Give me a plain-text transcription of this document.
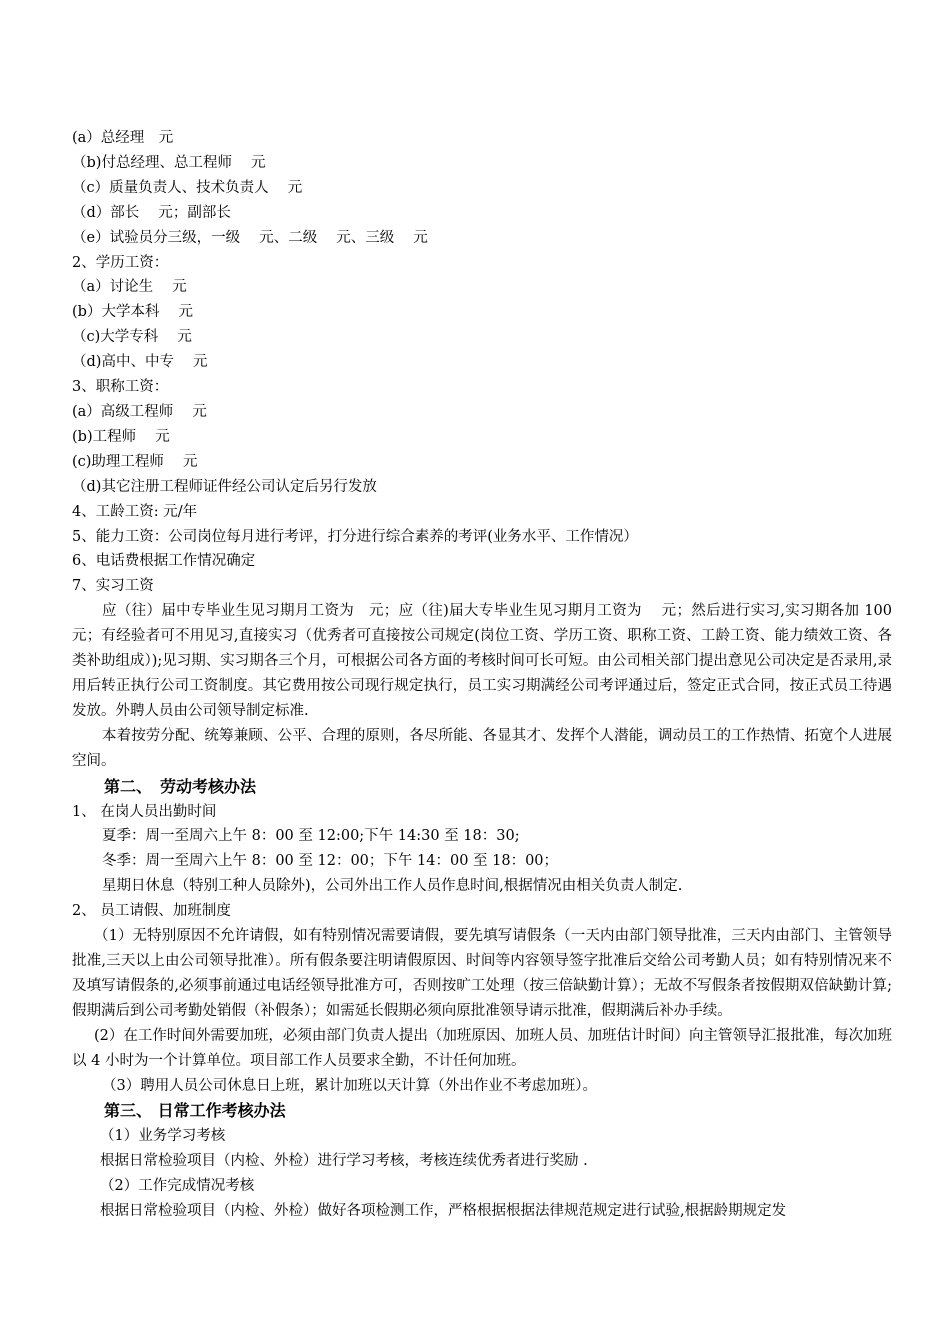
(a）总经理　元
（b)付总经理、总工程师　 元
（c）质量负责人、技术负责人　 元
（d）部长　 元；副部长
（e）试验员分三级，一级　 元、二级　 元、三级　 元
2、学历工资：
（a）讨论生　 元
(b）大学本科　 元
（c)大学专科　 元
（d)高中、中专　 元
3、职称工资：
(a）高级工程师　 元
(b)工程师　 元
(c)助理工程师　 元
（d)其它注册工程师证件经公司认定后另行发放
4、工龄工资: 元/年
5、能力工资：公司岗位每月进行考评，打分进行综合素养的考评(业务水平、工作情况）
6、电话费根据工作情况确定
7、实习工资
应（往）届中专毕业生见习期月工资为　元；应（往)届大专毕业生见习期月工资为　 元；然后进行实习,实习期各加 100 元；有经验者可不用见习,直接实习（优秀者可直接按公司规定(岗位工资、学历工资、职称工资、工龄工资、能力绩效工资、各类补助组成）);见习期、实习期各三个月，可根据公司各方面的考核时间可长可短。由公司相关部门提出意见公司决定是否录用,录用后转正执行公司工资制度。其它费用按公司现行规定执行，员工实习期满经公司考评通过后，签定正式合同，按正式员工待遇发放。外聘人员由公司领导制定标准.
本着按劳分配、统筹兼顾、公平、合理的原则，各尽所能、各显其才、发挥个人潜能，调动员工的工作热情、拓宽个人进展空间。
第二、　劳动考核办法
1、 在岗人员出勤时间
夏季：周一至周六上午 8：00 至 12:00;下午 14:30 至 18：30;
冬季：周一至周六上午 8：00 至 12：00；下午 14：00 至 18：00；
星期日休息（特别工种人员除外)，公司外出工作人员作息时间,根据情况由相关负责人制定.
2、 员工请假、加班制度
（1）无特别原因不允许请假，如有特别情况需要请假，要先填写请假条（一天内由部门领导批准，三天内由部门、主管领导批准,三天以上由公司领导批准）。所有假条要注明请假原因、时间等内容领导签字批准后交给公司考勤人员；如有特别情况来不及填写请假条的,必须事前通过电话经领导批准方可，否则按旷工处理（按三倍缺勤计算）；无故不写假条者按假期双倍缺勤计算;假期满后到公司考勤处销假（补假条）；如需延长假期必须向原批准领导请示批准，假期满后补办手续。
(2）在工作时间外需要加班，必须由部门负责人提出（加班原因、加班人员、加班估计时间）向主管领导汇报批准，每次加班以 4 小时为一个计算单位。项目部工作人员要求全勤，不计任何加班。
（3）聘用人员公司休息日上班，累计加班以天计算（外出作业不考虑加班）。
第三、 日常工作考核办法
（1）业务学习考核
根据日常检验项目（内检、外检）进行学习考核，考核连续优秀者进行奖励 .
（2）工作完成情况考核
根据日常检验项目（内检、外检）做好各项检测工作，严格根据根据法律规范规定进行试验,根据龄期规定发
